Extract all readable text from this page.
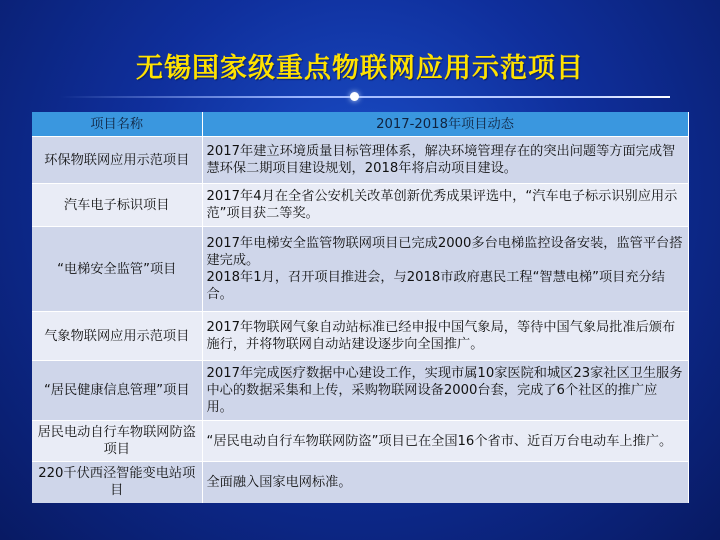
无锡国家级重点物联网应用示范项目
项目名称	2017-2018年项目动态
环保物联网应用示范项目	2017年建立环境质量目标管理体系，解决环境管理存在的突出问题等方面完成智慧环保二期项目建设规划，2018年将启动项目建设。
汽车电子标识项目	2017年4月在全省公安机关改革创新优秀成果评选中，“汽车电子标示识别应用示范”项目获二等奖。
“电梯安全监管”项目	2017年电梯安全监管物联网项目已完成2000多台电梯监控设备安装，监管平台搭建完成。
2018年1月，召开项目推进会，与2018市政府惠民工程“智慧电梯”项目充分结合。

气象物联网应用示范项目	2017年物联网气象自动站标准已经申报中国气象局，等待中国气象局批准后颁布施行，并将物联网自动站建设逐步向全国推广。
“居民健康信息管理”项目	2017年完成医疗数据中心建设工作，实现市属10家医院和城区23家社区卫生服务中心的数据采集和上传，采购物联网设备2000台套，完成了6个社区的推广应用。
居民电动自行车物联网防盗项目	“居民电动自行车物联网防盗”项目已在全国16个省市、近百万台电动车上推广。
220千伏西泾智能变电站项目	全面融入国家电网标准。
